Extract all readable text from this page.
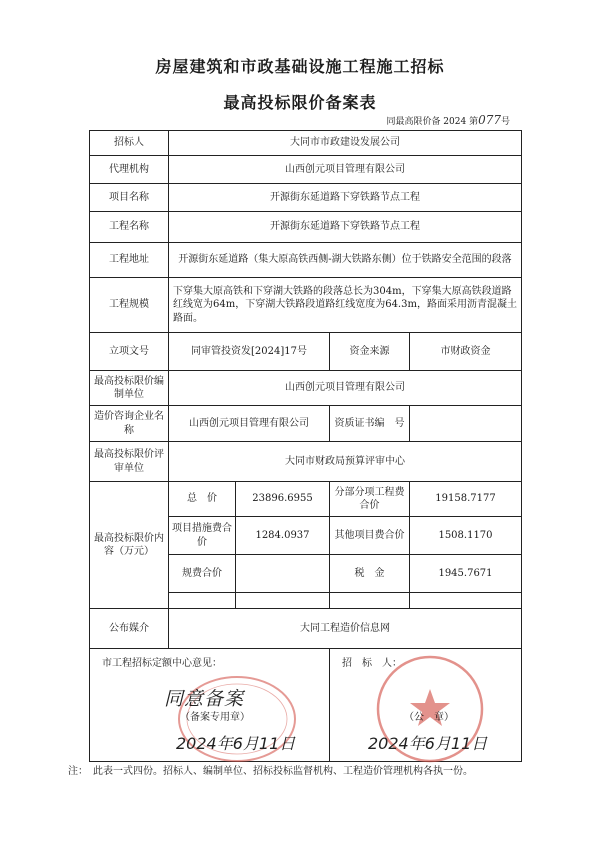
房屋建筑和市政基础设施工程施工招标
最高投标限价备案表
同最高限价备 2024 第077号
招标人	大同市市政建设发展公司			
代理机构	山西创元项目管理有限公司			
项目名称	开源街东延道路下穿铁路节点工程			
工程名称	开源街东延道路下穿铁路节点工程			
工程地址	开源街东延道路（集大原高铁西侧-湖大铁路东侧）位于铁路安全范围的段落			
工程规模	下穿集大原高铁和下穿湖大铁路的段落总长为304m，下穿集大原高铁段道路红线宽为64m，下穿湖大铁路段道路红线宽度为64.3m，路面采用沥青混凝土路面。			
立项文号	同审管投资发[2024]17号		资金来源	市财政资金
最高投标限价编制单位	山西创元项目管理有限公司			
造价咨询企业名称	山西创元项目管理有限公司		资质证书编　号	
最高投标限价评审单位	大同市财政局预算评审中心			
最高投标限价内容（万元）	总　价	23896.6955	分部分项工程费合价	19158.7177
	项目措施费合　价	1284.0937	其他项目费合价	1508.1170
	规费合价		税　金	1945.7671

公布媒介	大同工程造价信息网			

市工程招标定额中心意见：
同意备案
（备案专用章）
2024年6月11日			招　标　人：
（公　章）
2024年6月11日	
注：　此表一式四份。招标人、编制单位、招标投标监督机构、工程造价管理机构各执一份。
